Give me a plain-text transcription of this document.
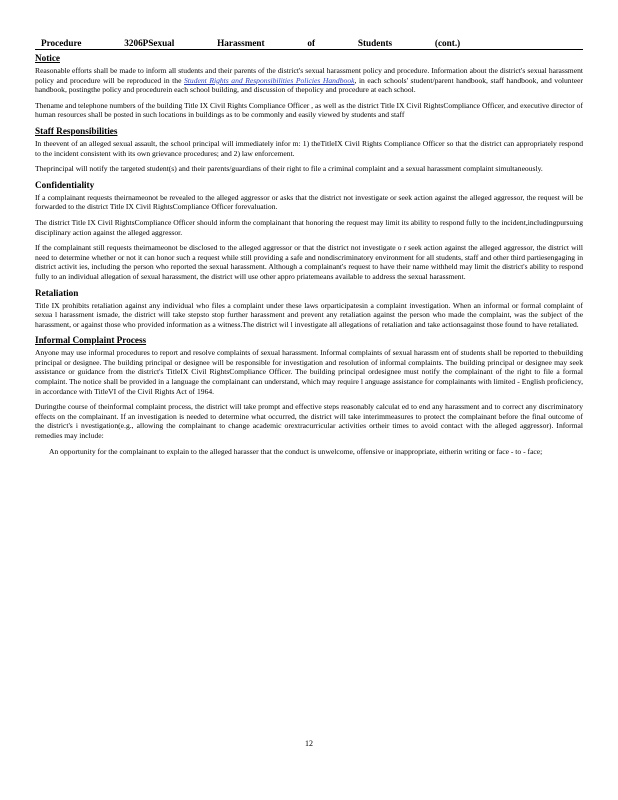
Procedure	3206PSexual	Harassment	of	Students	(cont.)
Notice

Reasonable efforts shall be made to inform all students and their parents of the district's sexual harassment policy and procedure. Information about the district's sexual harassment policy and procedure will be reproduced in the Student Rights and Responsibilities Policies Handbook, in each schools' student/parent handbook, staff handbook, and volunteer handbook, postingthe policy and procedurein each school building, and discussion of thepolicy and procedure at each school.

Thename and telephone numbers of the building Title IX Civil Rights Compliance Officer , as well as the district Title IX Civil RightsCompliance Officer, and executive director of human resources shall be posted in such locations in buildings as to be commonly and easily viewed by students and staff

Staff Responsibilities

In theevent of an alleged sexual assault, the school principal will immediately infor m: 1) theTitleIX Civil Rights Compliance Officer so that the district can appropriately respond to the incident consistent with its own grievance procedures; and 2) law enforcement.

Theprincipal will notify the targeted student(s) and their parents/guardians of their right to file a criminal complaint and a sexual harassment complaint simultaneously.

Confidentiality

If a complainant requests theirnameonot be revealed to the alleged aggressor or asks that the district not investigate or seek action against the alleged aggressor, the request will be forwarded to the district Title IX Civil RightsCompliance Officer forevaluation.

The district Title IX Civil RightsCompliance Officer should inform the complainant that honoring the request may limit its ability to respond fully to the incident,includingpursuing disciplinary action against the alleged aggressor.

If the complainant still requests theirnameonot be disclosed to the alleged aggressor or that the district not investigate o r seek action against the alleged aggressor, the district will need to determine whether or not it can honor such a request while still providing a safe and nondiscriminatory environment for all students, staff and other third partiesengaging in district activit ies, including the person who reported the sexual harassment. Although a complainant's request to have their name withheld may limit the district's ability to respond fully to an individual allegation of sexual harassment, the district will use other appro priatemeans available to address the sexual harassment.

Retaliation

Title IX prohibits retaliation against any individual who files a complaint under these laws orparticipatesin a complaint investigation. When an informal or formal complaint of sexua l harassment ismade, the district will take stepsto stop further harassment and prevent any retaliation against the person who made the complaint, was the subject of the harassment, or against those who provided information as a witness.The district wil l investigate all allegations of retaliation and take actionsagainst those found to have retaliated.

Informal Complaint Process

Anyone may use informal procedures to report and resolve complaints of sexual harassment. Informal complaints of sexual harassm ent of students shall be reported to thebuilding principal or designee. The building principal or designee will be responsible for investigation and resolution of informal complaints. The building principal or designee may seek assistance or guidance from the district's TitleIX Civil RightsCompliance Officer. The building principal ordesignee must notify the complainant of the right to file a formal complaint. The notice shall be provided in a language the complainant can understand, which may require l anguage assistance for complainants with limited - English proficiency, in accordance with TitleVI of the Civil Rights Act of 1964.

Duringthe course of theinformal complaint process, the district will take prompt and effective steps reasonably calculat ed to end any harassment and to correct any discriminatory effects on the complainant. If an investigation is needed to determine what occurred, the district will take interimmeasures to protect the complainant before the final outcome of the district's i nvestigation(e.g., allowing the complainant to change academic orextracurricular activities ortheir times to avoid contact with the alleged aggressor). Informal remedies may include:

An opportunity for the complainant to explain to the alleged harasser that the conduct is unwelcome, offensive or inappropriate, eitherin writing or face - to - face;
12
